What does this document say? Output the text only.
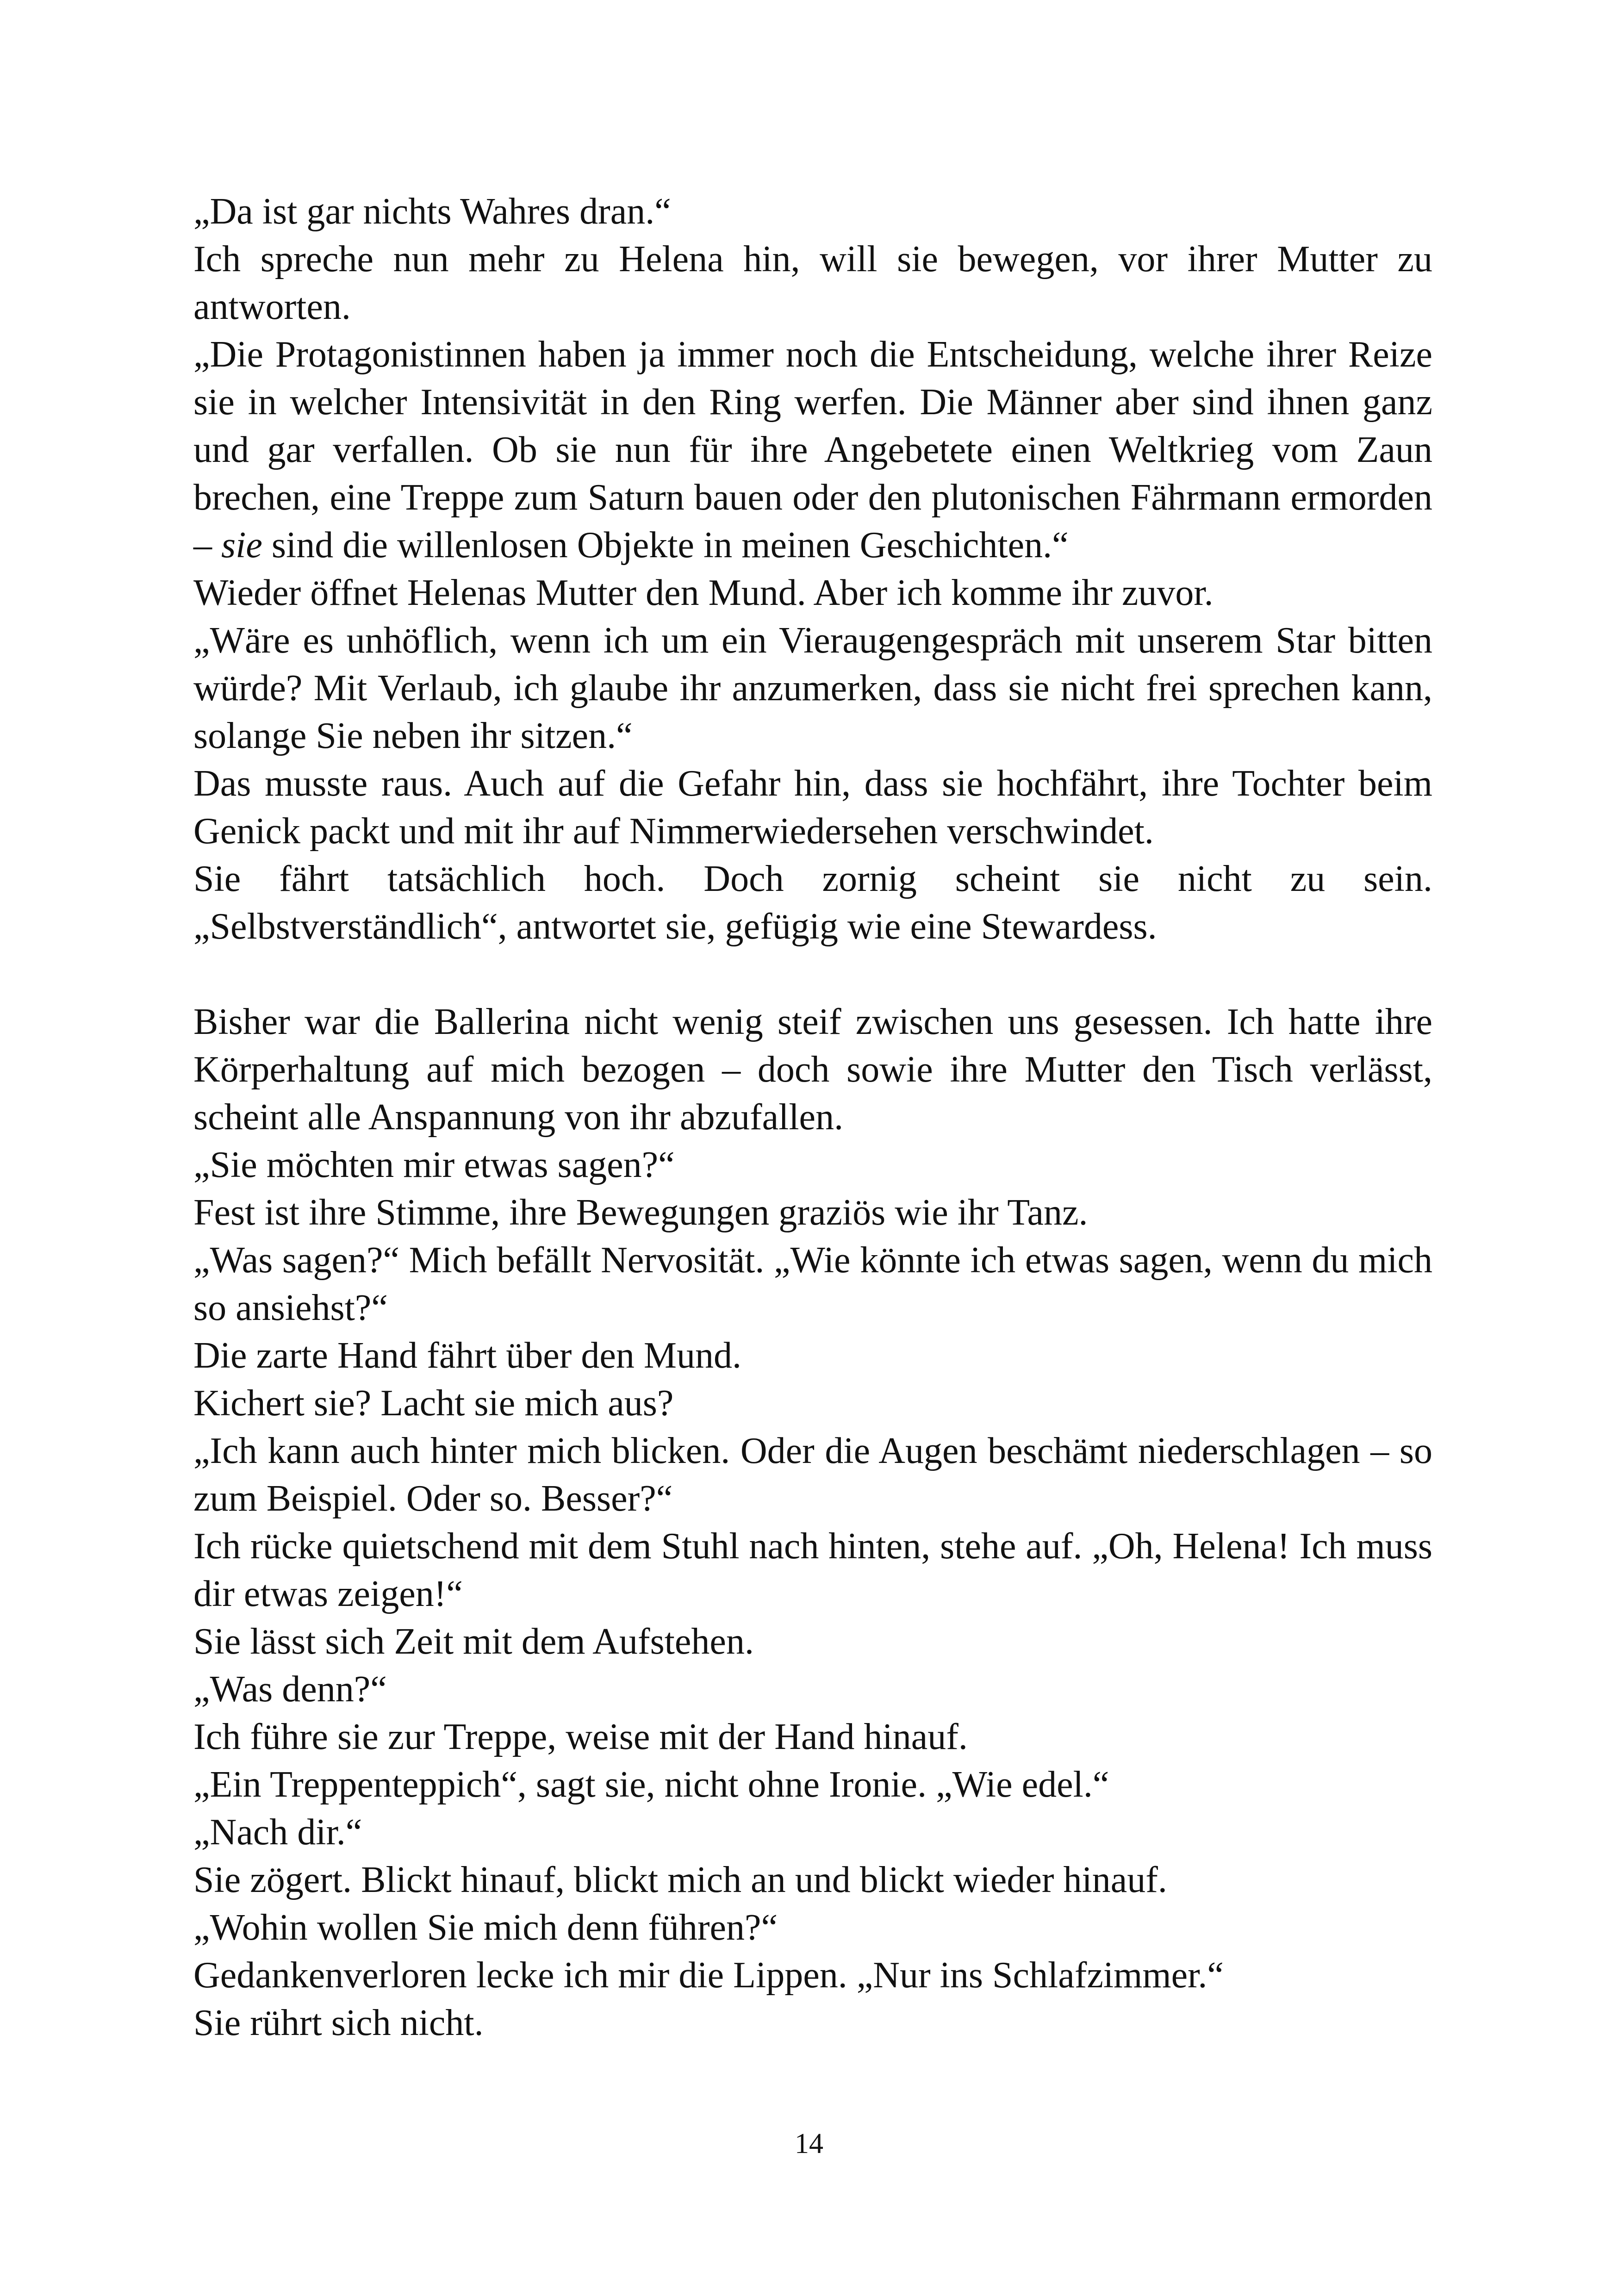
„Da ist gar nichts Wahres dran.“

Ich spreche nun mehr zu Helena hin, will sie bewegen, vor ihrer Mutter zu antworten.

„Die Protagonistinnen haben ja immer noch die Entscheidung, welche ihrer Reize sie in welcher Intensivität in den Ring werfen. Die Männer aber sind ihnen ganz und gar verfallen. Ob sie nun für ihre Angebetete einen Weltkrieg vom Zaun brechen, eine Treppe zum Saturn bauen oder den plutonischen Fährmann ermorden – sie sind die willenlosen Objekte in meinen Geschichten.“

Wieder öffnet Helenas Mutter den Mund. Aber ich komme ihr zuvor.

„Wäre es unhöflich, wenn ich um ein Vieraugengespräch mit unserem Star bitten würde? Mit Verlaub, ich glaube ihr anzumerken, dass sie nicht frei sprechen kann, solange Sie neben ihr sitzen.“

Das musste raus. Auch auf die Gefahr hin, dass sie hochfährt, ihre Tochter beim Genick packt und mit ihr auf Nimmerwiedersehen verschwindet.

Sie fährt tatsächlich hoch. Doch zornig scheint sie nicht zu sein. „Selbstverständlich“, antwortet sie, gefügig wie eine Stewardess.

Bisher war die Ballerina nicht wenig steif zwischen uns gesessen. Ich hatte ihre Körperhaltung auf mich bezogen – doch sowie ihre Mutter den Tisch verlässt, scheint alle Anspannung von ihr abzufallen.

„Sie möchten mir etwas sagen?“

Fest ist ihre Stimme, ihre Bewegungen graziös wie ihr Tanz.

„Was sagen?“ Mich befällt Nervosität. „Wie könnte ich etwas sagen, wenn du mich so ansiehst?“

Die zarte Hand fährt über den Mund.

Kichert sie? Lacht sie mich aus?

„Ich kann auch hinter mich blicken. Oder die Augen beschämt niederschlagen – so zum Beispiel. Oder so. Besser?“

Ich rücke quietschend mit dem Stuhl nach hinten, stehe auf. „Oh, Helena! Ich muss dir etwas zeigen!“

Sie lässt sich Zeit mit dem Aufstehen.

„Was denn?“

Ich führe sie zur Treppe, weise mit der Hand hinauf.

„Ein Treppenteppich“, sagt sie, nicht ohne Ironie. „Wie edel.“

„Nach dir.“

Sie zögert. Blickt hinauf, blickt mich an und blickt wieder hinauf.

„Wohin wollen Sie mich denn führen?“

Gedankenverloren lecke ich mir die Lippen. „Nur ins Schlafzimmer.“

Sie rührt sich nicht.

14
